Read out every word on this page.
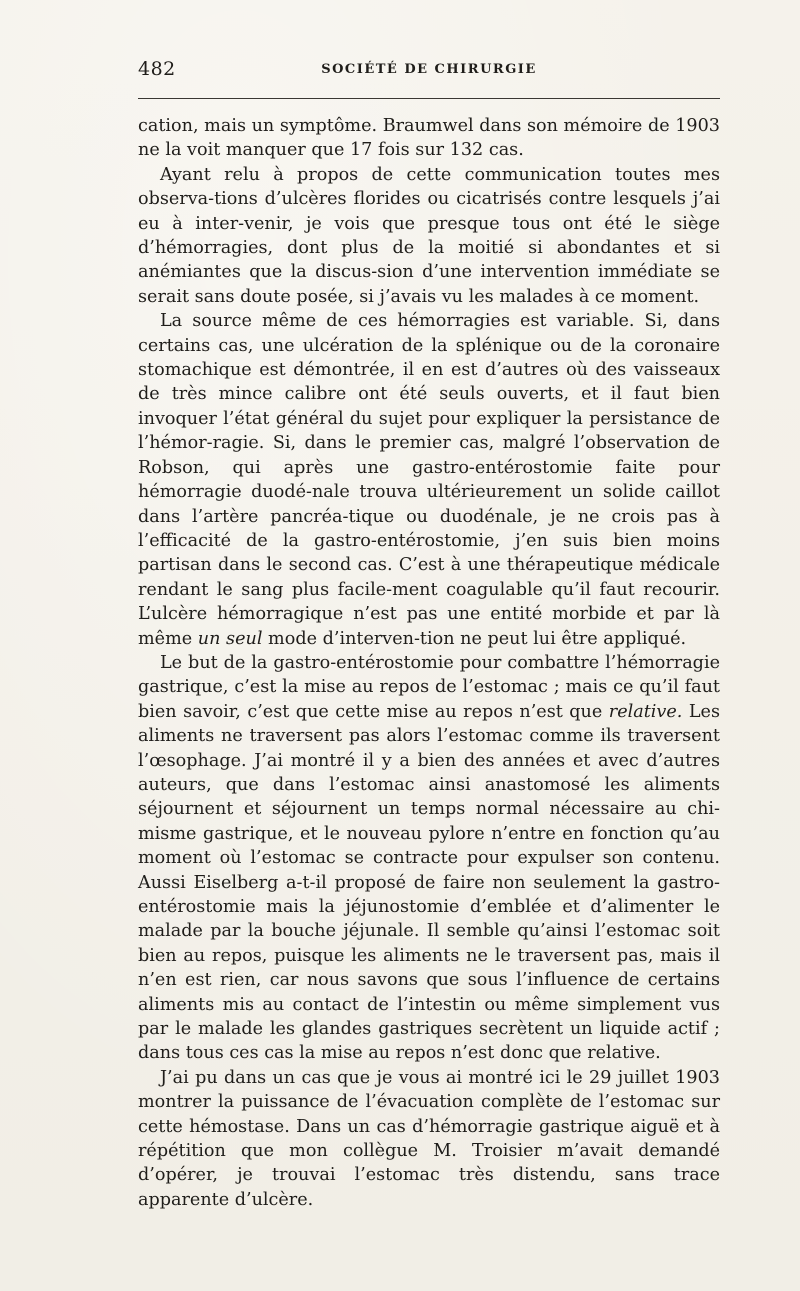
482	SOCIÉTÉ DE CHIRURGIE

cation, mais un symptôme. Braumwel dans son mémoire de 1903 ne la voit manquer que 17 fois sur 132 cas.

Ayant relu à propos de cette communication toutes mes observa-tions d’ulcères florides ou cicatrisés contre lesquels j’ai eu à inter-venir, je vois que presque tous ont été le siège d’hémorragies, dont plus de la moitié si abondantes et si anémiantes que la discus-sion d’une intervention immédiate se serait sans doute posée, si j’avais vu les malades à ce moment.

La source même de ces hémorragies est variable. Si, dans certains cas, une ulcération de la splénique ou de la coronaire stomachique est démontrée, il en est d’autres où des vaisseaux de très mince calibre ont été seuls ouverts, et il faut bien invoquer l’état général du sujet pour expliquer la persistance de l’hémor-ragie. Si, dans le premier cas, malgré l’observation de Robson, qui après une gastro-entérostomie faite pour hémorragie duodé-nale trouva ultérieurement un solide caillot dans l’artère pancréa-tique ou duodénale, je ne crois pas à l’efficacité de la gastro-entérostomie, j’en suis bien moins partisan dans le second cas. C’est à une thérapeutique médicale rendant le sang plus facile-ment coagulable qu’il faut recourir. L’ulcère hémorragique n’est pas une entité morbide et par là même un seul mode d’interven-tion ne peut lui être appliqué.

Le but de la gastro-entérostomie pour combattre l’hémorragie gastrique, c’est la mise au repos de l’estomac ; mais ce qu’il faut bien savoir, c’est que cette mise au repos n’est que relative. Les aliments ne traversent pas alors l’estomac comme ils traversent l’œsophage. J’ai montré il y a bien des années et avec d’autres auteurs, que dans l’estomac ainsi anastomosé les aliments séjournent et séjournent un temps normal nécessaire au chi-misme gastrique, et le nouveau pylore n’entre en fonction qu’au moment où l’estomac se contracte pour expulser son contenu. Aussi Eiselberg a-t-il proposé de faire non seulement la gastro-entérostomie mais la jéjunostomie d’emblée et d’alimenter le malade par la bouche jéjunale. Il semble qu’ainsi l’estomac soit bien au repos, puisque les aliments ne le traversent pas, mais il n’en est rien, car nous savons que sous l’influence de certains aliments mis au contact de l’intestin ou même simplement vus par le malade les glandes gastriques secrètent un liquide actif ; dans tous ces cas la mise au repos n’est donc que relative.

J’ai pu dans un cas que je vous ai montré ici le 29 juillet 1903 montrer la puissance de l’évacuation complète de l’estomac sur cette hémostase. Dans un cas d’hémorragie gastrique aiguë et à répétition que mon collègue M. Troisier m’avait demandé d’opérer, je trouvai l’estomac très distendu, sans trace apparente d’ulcère.
